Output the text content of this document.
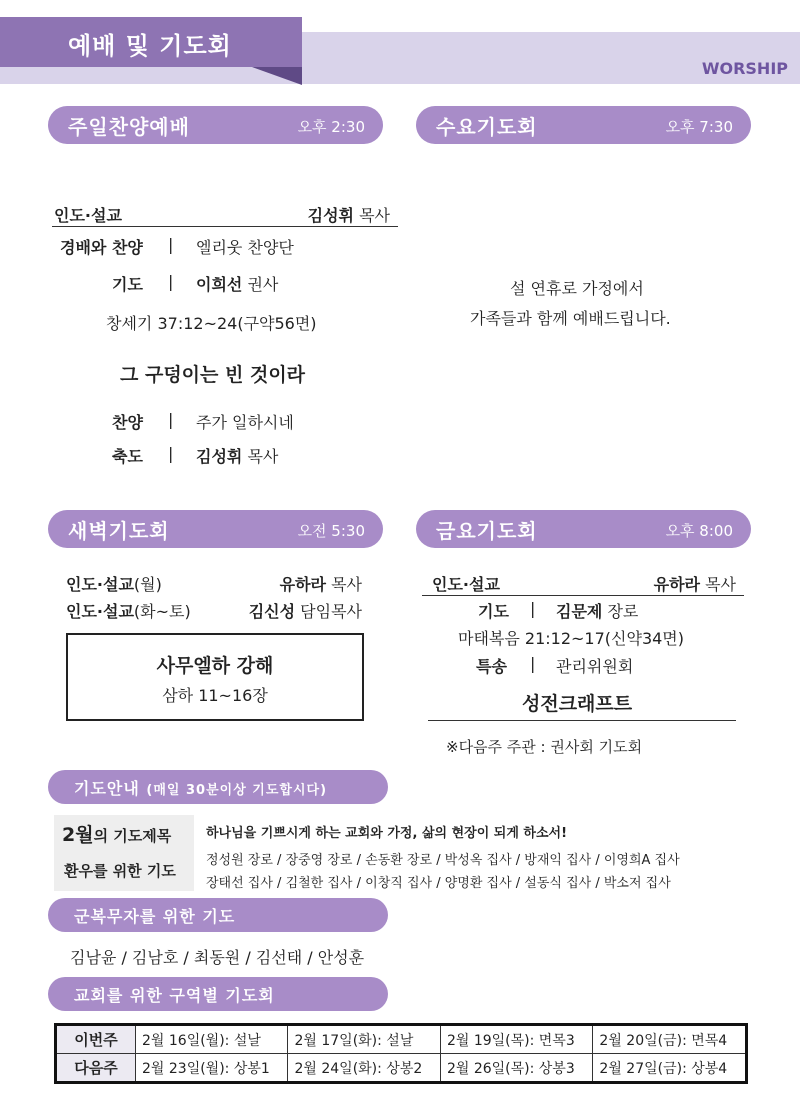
예배 및 기도회
WORSHIP
주일찬양예배	오후 2:30
인도·설교	김성휘 목사
경배와 찬양 | 엘리웃 찬양단
기도 | 이희선 권사
창세기 37:12~24(구약56면)
그 구덩이는 빈 것이라
찬양 | 주가 일하시네
축도 | 김성휘 목사
수요기도회	오후 7:30
설 연휴로 가정에서
가족들과 함께 예배드립니다.
새벽기도회	오전 5:30
인도·설교(월)	유하라 목사
인도·설교(화~토)	김신성 담임목사
사무엘하 강해
삼하 11~16장
금요기도회	오후 8:00
인도·설교	유하라 목사
기도 | 김문제 장로
마태복음 21:12~17(신약34면)
특송 | 관리위원회
성전크래프트
※다음주 주관 : 권사회 기도회
기도안내 (매일 30분이상 기도합시다)
2월의 기도제목
환우를 위한 기도
하나님을 기쁘시게 하는 교회와 가정, 삶의 현장이 되게 하소서!
정성원 장로 / 장중영 장로 / 손동환 장로 / 박성옥 집사 / 방재익 집사 / 이영희A 집사
장태선 집사 / 김철한 집사 / 이창직 집사 / 양명환 집사 / 설동식 집사 / 박소저 집사
군복무자를 위한 기도
김남윤 / 김남호 / 최동원 / 김선태 / 안성훈
교회를 위한 구역별 기도회
이번주	2월 16일(월): 설날	2월 17일(화): 설날	2월 19일(목): 면목3	2월 20일(금): 면목4
다음주	2월 23일(월): 상봉1	2월 24일(화): 상봉2	2월 26일(목): 상봉3	2월 27일(금): 상봉4
